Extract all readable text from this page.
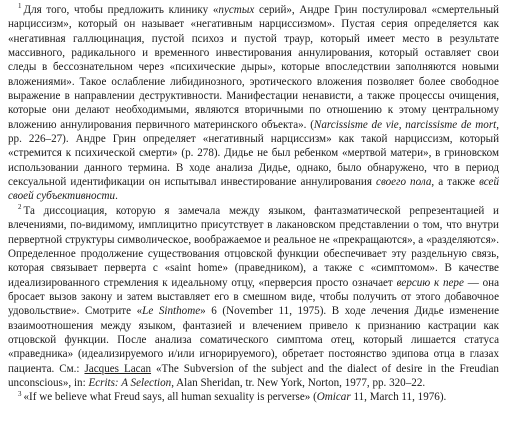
$^1$ Для того, чтобы предложить клинику «пустых серий», Андре Грин постулировал «смертельный нарциссизм», который он называет «негативным нарциссизмом». Пустая серия определяется как «негативная галлюцинация, пустой психоз и пустой траур, который имеет место в результате массивного, радикального и временного инвестирования аннулирования, который оставляет свои следы в бессознательном через «психические дыры», которые впоследствии заполняются новыми вложениями». Такое ослабление либидинозного, эротического вложения позволяет более свободное выражение в направлении деструктивности. Манифестации ненависти, а также процессы очищения, которые они делают необходимыми, являются вторичными по отношению к этому центральному вложению аннулирования первичного материнского объекта». (Narcissisme de vie, narcissisme de mort, pp. 226–27). Андре Грин определяет «негативный нарциссизм» как такой нарциссизм, который «стремится к психической смерти» (p. 278). Дидье не был ребенком «мертвой матери», в гриновском использовании данного термина. В ходе анализа Дидье, однако, было обнаружено, что в период сексуальной идентификации он испытывал инвестирование аннулирования своего пола, а также всей своей субъективности.

$^2$ Та диссоциация, которую я замечала между языком, фантазматической репрезентацией и влечениями, по-видимому, имплицитно присутствует в лакановском представлении о том, что внутри первертной структуры символическое, воображаемое и реальное не «прекращаются», а «разделяются». Определенное продолжение существования отцовской функции обеспечивает эту раздельную связь, которая связывает перверта с «saint home» (праведником), а также с «симптомом». В качестве идеализированного стремления к идеальному отцу, «перверсия просто означает версию к пере — она бросает вызов закону и затем выставляет его в смешном виде, чтобы получить от этого добавочное удовольствие». Смотрите «Le Sinthome» 6 (November 11, 1975). В ходе лечения Дидье изменение взаимоотношения между языком, фантазией и влечением привело к признанию кастрации как отцовской функции. После анализа соматического симптома отец, который лишается статуса «праведника» (идеализируемого и/или игнорируемого), обретает постоянство эдипова отца в глазах пациента. См.: Jacques Lacan «The Subversion of the subject and the dialect of desire in the Freudian unconscious», in: Ecrits: A Selection, Alan Sheridan, tr. New York, Norton, 1977, pp. 320–22.

$^3$ «If we believe what Freud says, all human sexuality is perverse» (Omicar 11, March 11, 1976).
